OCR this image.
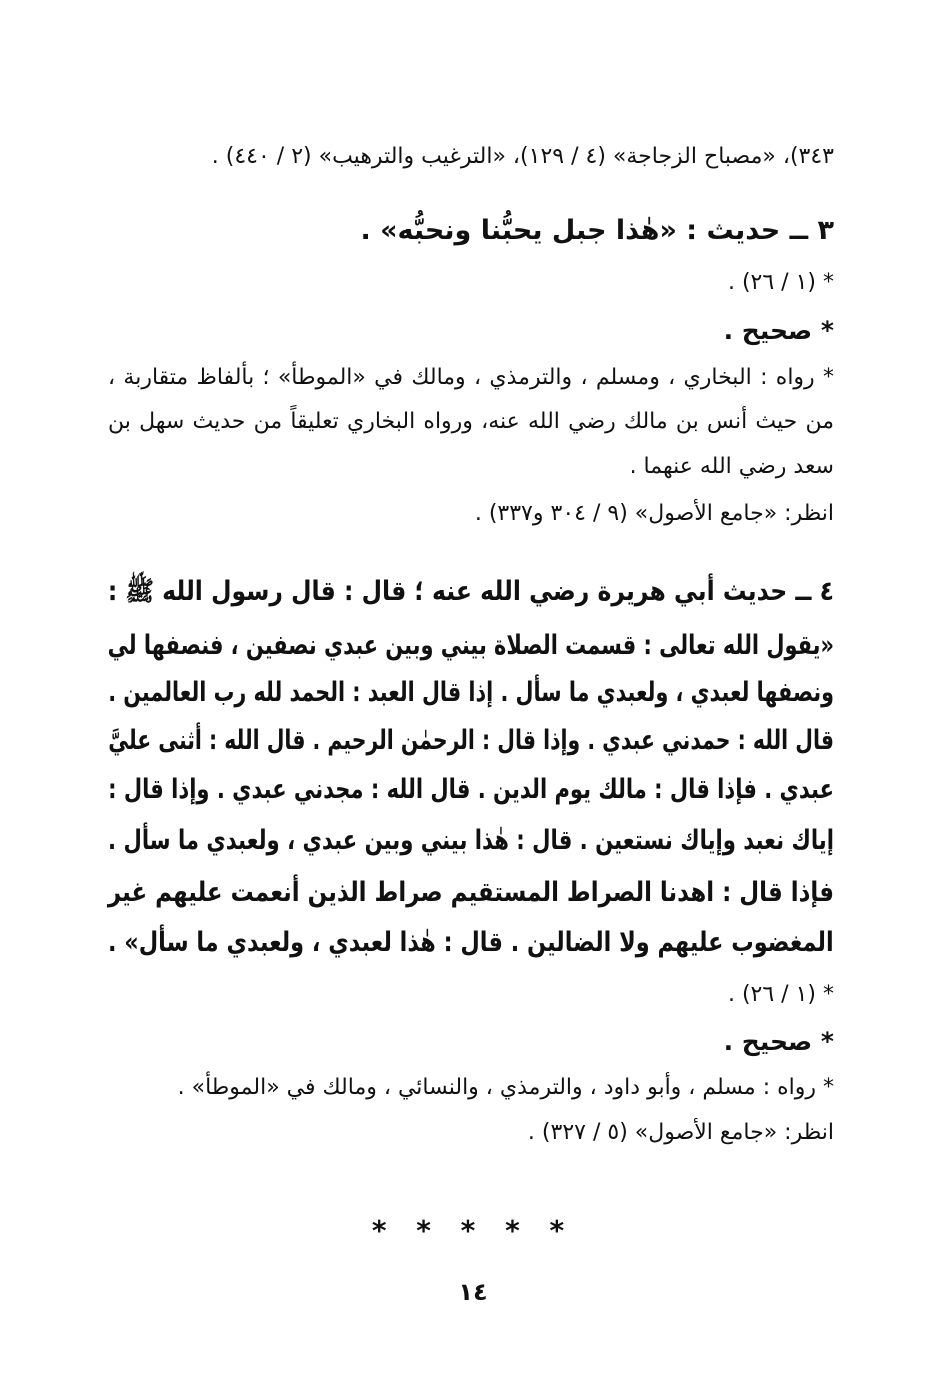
٣٤٣)، «مصباح الزجاجة» (٤ / ١٢٩)، «الترغيب والترهيب» (٢ / ٤٤٠) .
٣ ــ حديث : «هٰذا جبل يحبُّنا ونحبُّه» .
* (١ / ٢٦) .
* صحيح .
* رواه : البخاري ، ومسلم ، والترمذي ، ومالك في «الموطأ» ؛ بألفاظ متقاربة ،
من حيث أنس بن مالك رضي الله عنه، ورواه البخاري تعليقاً من حديث سهل بن
سعد رضي الله عنهما .
انظر: «جامع الأصول» (٩ / ٣٠٤ و٣٣٧) .
٤ ــ حديث أبي هريرة رضي الله عنه ؛ قال : قال رسول الله ﷺ :
«يقول الله تعالى : قسمت الصلاة بيني وبين عبدي نصفين ، فنصفها لي
ونصفها لعبدي ، ولعبدي ما سأل . إذا قال العبد : الحمد لله رب العالمين .
قال الله : حمدني عبدي . وإذا قال : الرحمٰن الرحيم . قال الله : أثنى عليَّ
عبدي . فإذا قال : مالك يوم الدين . قال الله : مجدني عبدي . وإذا قال :
إياك نعبد وإياك نستعين . قال : هٰذا بيني وبين عبدي ، ولعبدي ما سأل .
فإذا قال : اهدنا الصراط المستقيم صراط الذين أنعمت عليهم غير
المغضوب عليهم ولا الضالين . قال : هٰذا لعبدي ، ولعبدي ما سأل» .
* (١ / ٢٦) .
* صحيح .
* رواه : مسلم ، وأبو داود ، والترمذي ، والنسائي ، ومالك في «الموطأ» .
انظر: «جامع الأصول» (٥ / ٣٢٧) .
* * * * *
١٤
